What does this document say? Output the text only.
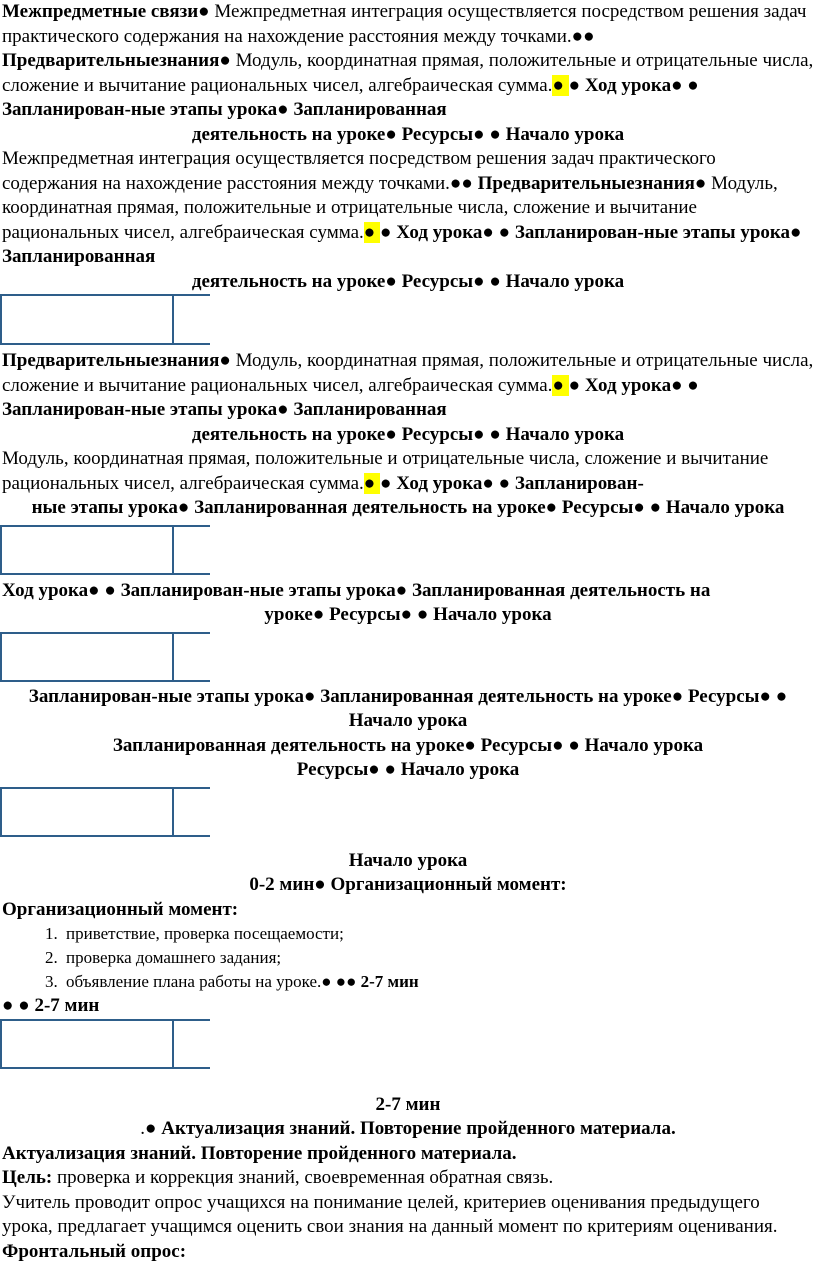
Межпредметные связи● Межпредметная интеграция осуществляется посредством решения задач практического содержания на нахождение расстояния между точками.●● Предварительныезнания● Модуль, координатная прямая, положительные и отрицательные числа, сложение и вычитание рациональных чисел, алгебраическая сумма.● ● Ход урока● ● Запланирован-ные этапы урока● Запланированная

деятельность на уроке● Ресурсы● ● Начало урока

Межпредметная интеграция осуществляется посредством решения задач практического содержания на нахождение расстояния между точками.●● Предварительныезнания● Модуль, координатная прямая, положительные и отрицательные числа, сложение и вычитание рациональных чисел, алгебраическая сумма.● ● Ход урока● ● Запланирован-ные этапы урока● Запланированная

деятельность на уроке● Ресурсы● ● Начало урока

Предварительныезнания● Модуль, координатная прямая, положительные и отрицательные числа, сложение и вычитание рациональных чисел, алгебраическая сумма.● ● Ход урока● ● Запланирован-ные этапы урока● Запланированная

деятельность на уроке● Ресурсы● ● Начало урока

Модуль, координатная прямая, положительные и отрицательные числа, сложение и вычитание рациональных чисел, алгебраическая сумма.● ● Ход урока● ● Запланирован-

ные этапы урока● Запланированная деятельность на уроке● Ресурсы● ● Начало урока

Ход урока● ● Запланирован-ные этапы урока● Запланированная деятельность на

уроке● Ресурсы● ● Начало урока

Запланирован-ные этапы урока● Запланированная деятельность на уроке● Ресурсы● ● Начало урока

Запланированная деятельность на уроке● Ресурсы● ● Начало урока

Ресурсы● ● Начало урока

Начало урока

0-2 мин● Организационный момент:

Организационный момент:

1. приветствие, проверка посещаемости;
2. проверка домашнего задания;
3. объявление плана работы на уроке.● ●● 2-7 мин

● ● 2-7 мин

2-7 мин

.● Актуализация знаний. Повторение пройденного материала.

Актуализация знаний. Повторение пройденного материала.

Цель: проверка и коррекция знаний, своевременная обратная связь.

Учитель проводит опрос учащихся на понимание целей, критериев оценивания предыдущего урока, предлагает учащимся оценить свои знания на данный момент по критериям оценивания.

Фронтальный опрос:
